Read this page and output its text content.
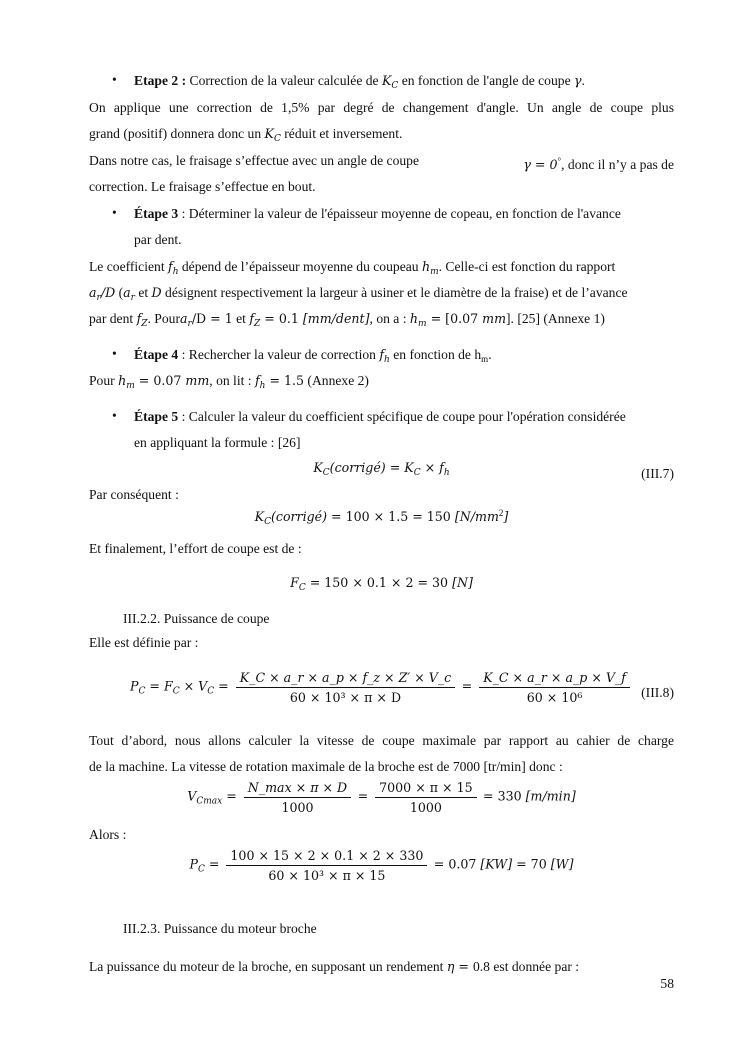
• Etape 2 : Correction de la valeur calculée de $K_C$ en fonction de l'angle de coupe γ.
On applique une correction de 1,5% par degré de changement d'angle. Un angle de coupe plus
grand (positif) donnera donc un $K_C$ réduit et inversement.
Dans notre cas, le fraisage s’effectue avec un angle de coupe	γ = 0°, donc il n’y a pas de
correction. Le fraisage s’effectue en bout.
• Étape 3 : Déterminer la valeur de l'épaisseur moyenne de copeau, en fonction de l'avance
par dent.
Le coefficient $f_h$ dépend de l’épaisseur moyenne du coupeau $h_m$. Celle-ci est fonction du rapport
$a_r/D$ ($a_r$ et D désignent respectivement la largeur à usiner et le diamètre de la fraise) et de l’avance
par dent $f_Z$. Poura$_r$/D = 1 et $f_Z = 0.1$ [mm/dent], on a : $h_m = [0.07$ mm]. [25] (Annexe 1)
• Étape 4 : Rechercher la valeur de correction $f_h$ en fonction de $h_m$.
Pour $h_m = 0.07$ mm, on lit : $f_h = 1.5$ (Annexe 2)
• Étape 5 : Calculer la valeur du coefficient spécifique de coupe pour l'opération considérée
en appliquant la formule : [26]
$K_C(corrigé) = K_C \times f_h$	(III.7)
Par conséquent :
$K_C(corrigé) = 100 \times 1.5 = 150$ $[N/mm^2]$
Et finalement, l’effort de coupe est de :
$F_C = 150 \times 0.1 \times 2 = 30$ [N]
III.2.2. Puissance de coupe
Elle est définie par :
$P_C = F_C \times V_C = \frac{K\_C \times a\_r \times a\_p \times f\_z \times Z' \times V\_c}{\text{60 × 10³ × π × D}} = \frac{K\_C \times a\_r \times a\_p \times V\_f}{\text{60 × 10⁶}} (III.8)$
Tout d’abord, nous allons calculer la vitesse de coupe maximale par rapport au cahier de charge
de la machine. La vitesse de rotation maximale de la broche est de 7000 [tr/min] donc :
$V_{Cmax} = \frac{N\_\max \times \pi \times D}{1000} = \frac{7000 \times \pi \times 15}{1000} = 330$ [m/min]
Alors :
$P_C = \frac{100 \times 15 \times 2 \times 0.1 \times 2 \times 330}{\text{60 × 10³ × π × 15}} = 0.07$ [KW] = 70 [W]
III.2.3. Puissance du moteur broche
La puissance du moteur de la broche, en supposant un rendement η = 0.8 est donnée par :
58
